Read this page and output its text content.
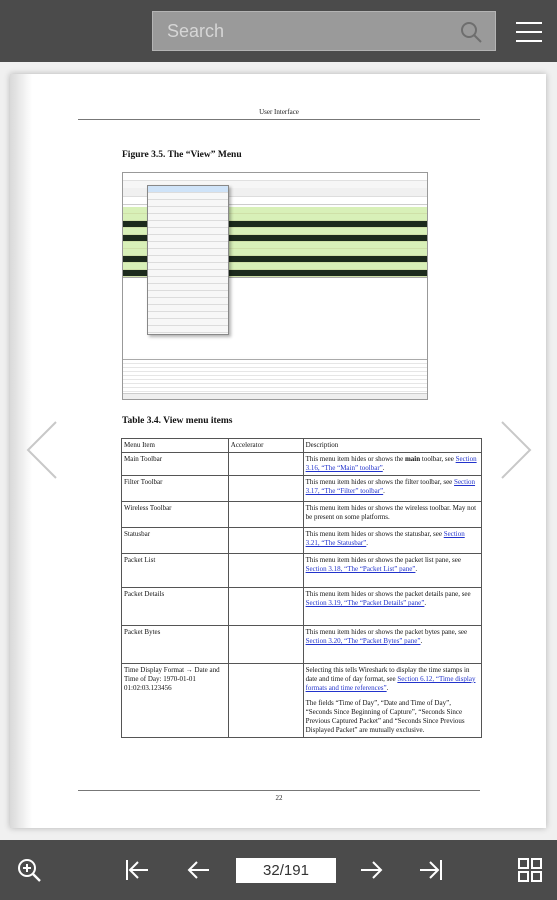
Search
User Interface
Figure 3.5. The “View” Menu
Table 3.4. View menu items
Menu Item	Accelerator	Description
Main Toolbar		This menu item hides or shows the main toolbar, see Section 3.16, “The “Main” toolbar”.
Filter Toolbar		This menu item hides or shows the filter toolbar, see Section 3.17, “The “Filter” toolbar”.
Wireless Toolbar		This menu item hides or shows the wireless toolbar. May not be present on some platforms.
Statusbar		This menu item hides or shows the statusbar, see Section 3.21, “The Statusbar”.
Packet List		This menu item hides or shows the packet list pane, see Section 3.18, “The “Packet List” pane”.
Packet Details		This menu item hides or shows the packet details pane, see Section 3.19, “The “Packet Details” pane”.
Packet Bytes		This menu item hides or shows the packet bytes pane, see Section 3.20, “The “Packet Bytes” pane”.
Time Display Format → Date and Time of Day: 1970-01-01 01:02:03.123456		Selecting this tells Wireshark to display the time stamps in date and time of day format, see Section 6.12, “Time display formats and time references”.
The fields “Time of Day”, “Date and Time of Day”, “Seconds Since Beginning of Capture”, “Seconds Since Previous Captured Packet” and “Seconds Since Previous Displayed Packet” are mutually exclusive.
22
32/191
